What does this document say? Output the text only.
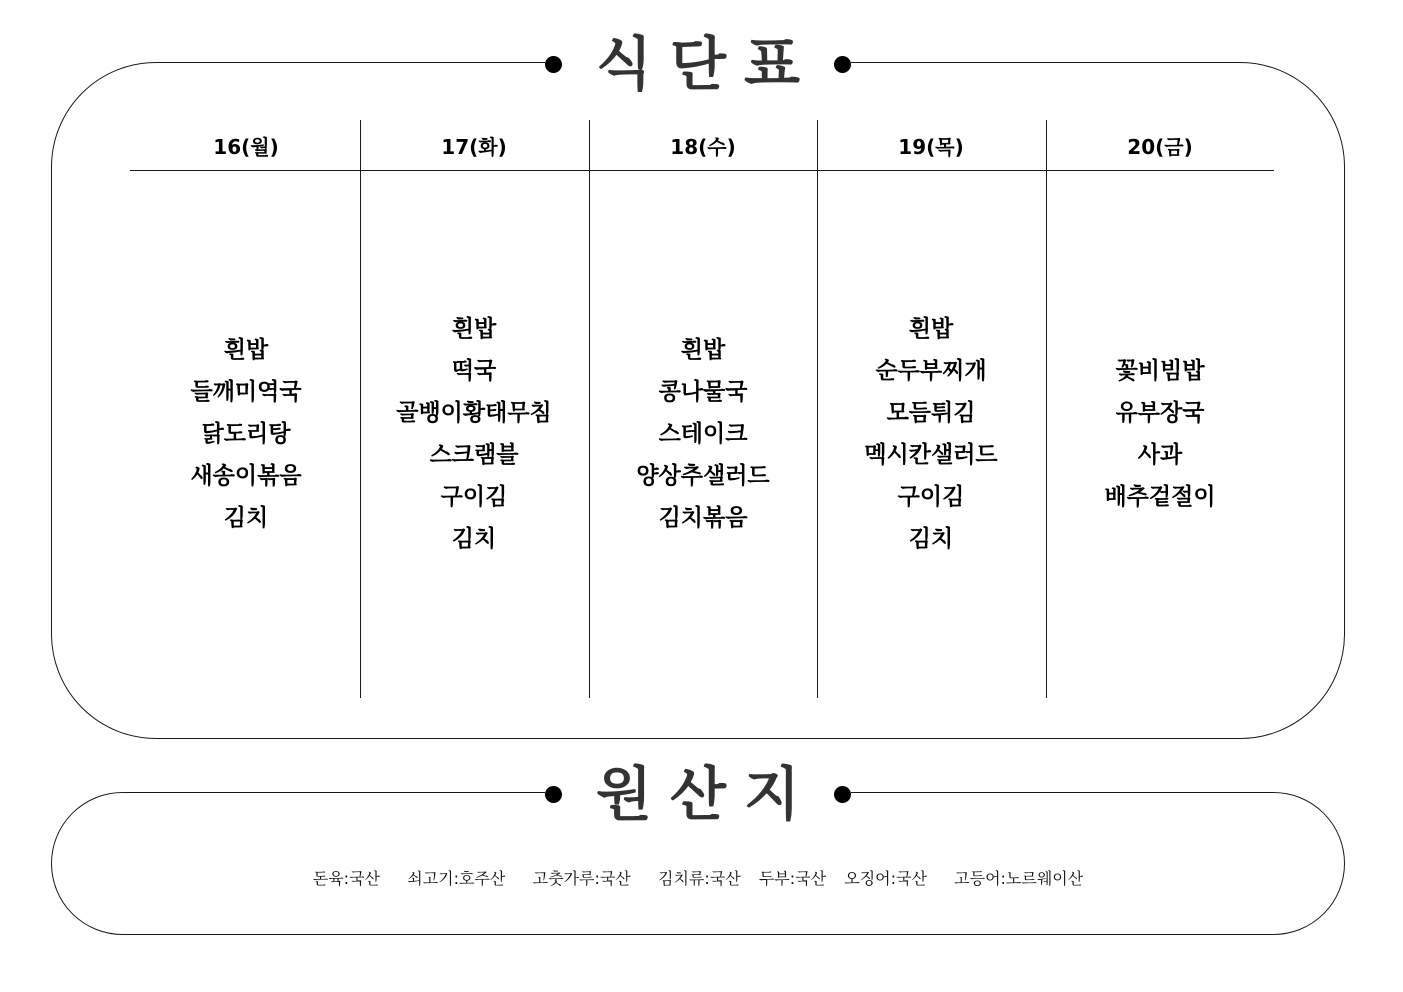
식단표
16(월)
흰밥
들깨미역국
닭도리탕
새송이볶음
김치
17(화)
흰밥
떡국
골뱅이황태무침
스크램블
구이김
김치
18(수)
흰밥
콩나물국
스테이크
양상추샐러드
김치볶음
19(목)
흰밥
순두부찌개
모듬튀김
멕시칸샐러드
구이김
김치
20(금)
꽃비빔밥
유부장국
사과
배추겉절이
원산지
돈육:국산   쇠고기:호주산   고춧가루:국산   김치류:국산  두부:국산  오징어:국산   고등어:노르웨이산
